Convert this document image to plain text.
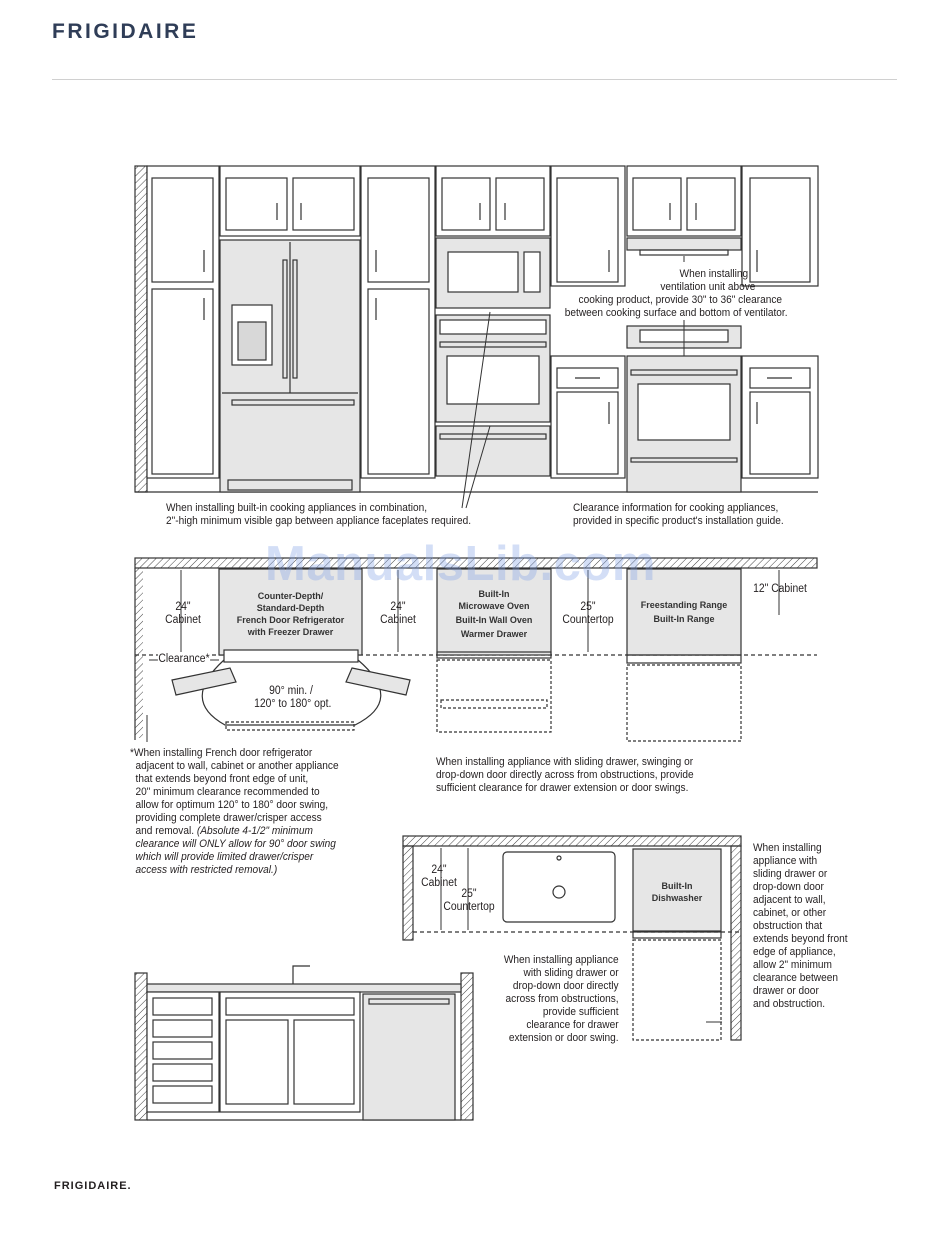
FRIGIDAIRE
ManualsLib.com
When installing
ventilation unit above
cooking product, provide 30" to 36" clearance
between cooking surface and bottom of ventilator.
When installing built-in cooking appliances in combination,
2"-high minimum visible gap between appliance faceplates required.
Clearance information for cooking appliances,
provided in specific product's installation guide.
24"
Cabinet
24"
Cabinet
25"
Countertop
12" Cabinet
Counter-Depth/
Standard-Depth
French Door Refrigerator
with Freezer Drawer
Built-In
Microwave Oven
Built-In Wall Oven
Warmer Drawer
Freestanding Range
Built-In Range
Clearance*
90° min. /
120° to 180° opt.
*When installing French door refrigerator
adjacent to wall, cabinet or another appliance
that extends beyond front edge of unit,
20" minimum clearance recommended to
allow for optimum 120° to 180° door swing,
providing complete drawer/crisper access
and removal. (Absolute 4-1/2" minimum
clearance will ONLY allow for 90° door swing
which will provide limited drawer/crisper
access with restricted removal.)
When installing appliance with sliding drawer, swinging or
drop-down door directly across from obstructions, provide
sufficient clearance for drawer extension or door swings.
24"
Cabinet
25"
Countertop
Built-In
Dishwasher
When installing appliance
with sliding drawer or
drop-down door directly
across from obstructions,
provide sufficient
clearance for drawer
extension or door swing.
When installing
appliance with
sliding drawer or
drop-down door
adjacent to wall,
cabinet, or other
obstruction that
extends beyond front
edge of appliance,
allow 2" minimum
clearance between
drawer or door
and obstruction.
FRIGIDAIRE.
